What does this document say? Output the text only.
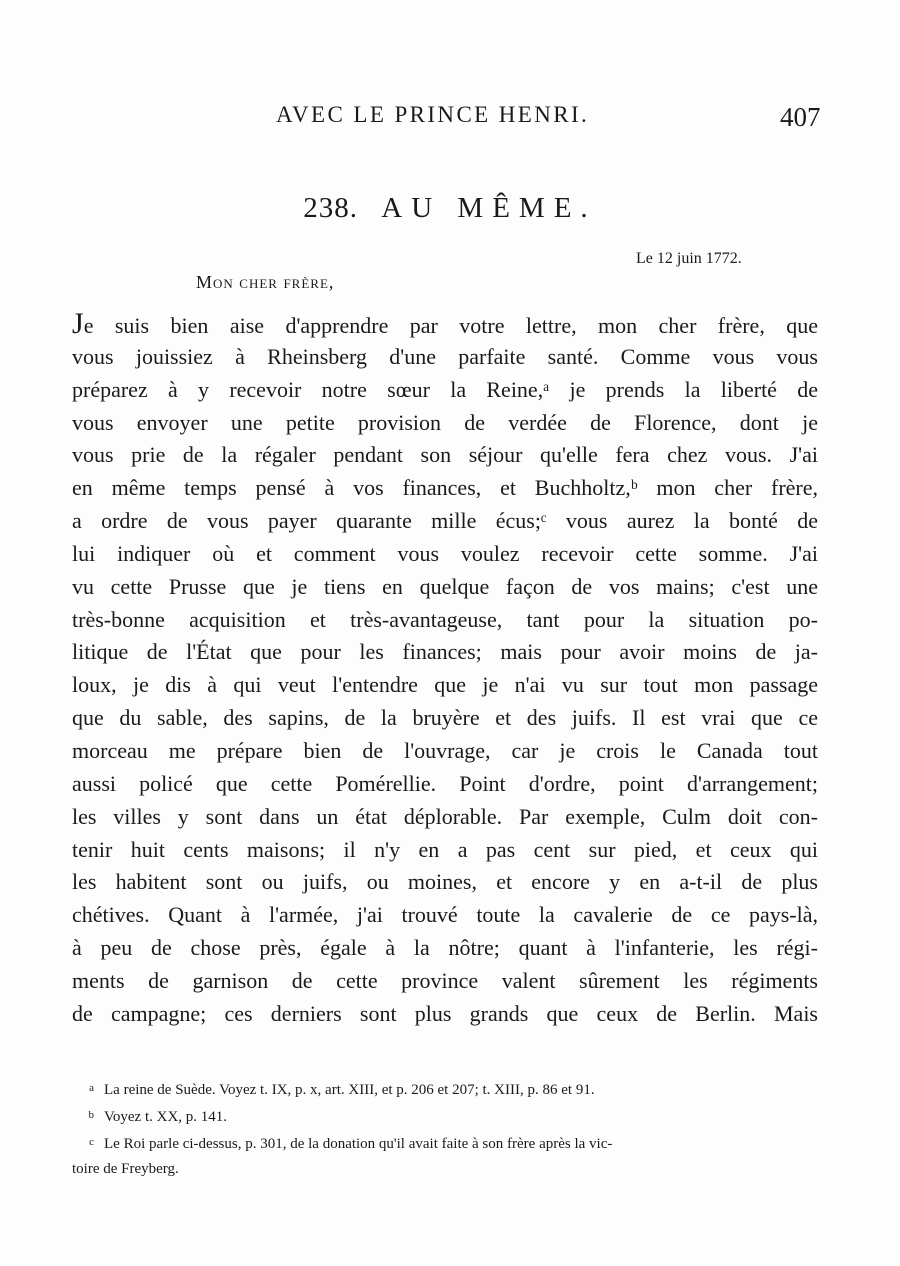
AVEC LE PRINCE HENRI.	407
238. AU MÊME.
Le 12 juin 1772.
Mon cher frère,
Je suis bien aise d'apprendre par votre lettre, mon cher frère, que
vous jouissiez à Rheinsberg d'une parfaite santé. Comme vous vous
préparez à y recevoir notre sœur la Reine,ᵃ je prends la liberté de
vous envoyer une petite provision de verdée de Florence, dont je
vous prie de la régaler pendant son séjour qu'elle fera chez vous. J'ai
en même temps pensé à vos finances, et Buchholtz,ᵇ mon cher frère,
a ordre de vous payer quarante mille écus;ᶜ vous aurez la bonté de
lui indiquer où et comment vous voulez recevoir cette somme. J'ai
vu cette Prusse que je tiens en quelque façon de vos mains; c'est une
très-bonne acquisition et très-avantageuse, tant pour la situation po-
litique de l'État que pour les finances; mais pour avoir moins de ja-
loux, je dis à qui veut l'entendre que je n'ai vu sur tout mon passage
que du sable, des sapins, de la bruyère et des juifs. Il est vrai que ce
morceau me prépare bien de l'ouvrage, car je crois le Canada tout
aussi policé que cette Pomérellie. Point d'ordre, point d'arrangement;
les villes y sont dans un état déplorable. Par exemple, Culm doit con-
tenir huit cents maisons; il n'y en a pas cent sur pied, et ceux qui
les habitent sont ou juifs, ou moines, et encore y en a-t-il de plus
chétives. Quant à l'armée, j'ai trouvé toute la cavalerie de ce pays-là,
à peu de chose près, égale à la nôtre; quant à l'infanterie, les régi-
ments de garnison de cette province valent sûrement les régiments
de campagne; ces derniers sont plus grands que ceux de Berlin. Mais
a La reine de Suède. Voyez t. IX, p. x, art. XIII, et p. 206 et 207; t. XIII, p. 86 et 91.
b Voyez t. XX, p. 141.
c Le Roi parle ci-dessus, p. 301, de la donation qu'il avait faite à son frère après la vic-
toire de Freyberg.
